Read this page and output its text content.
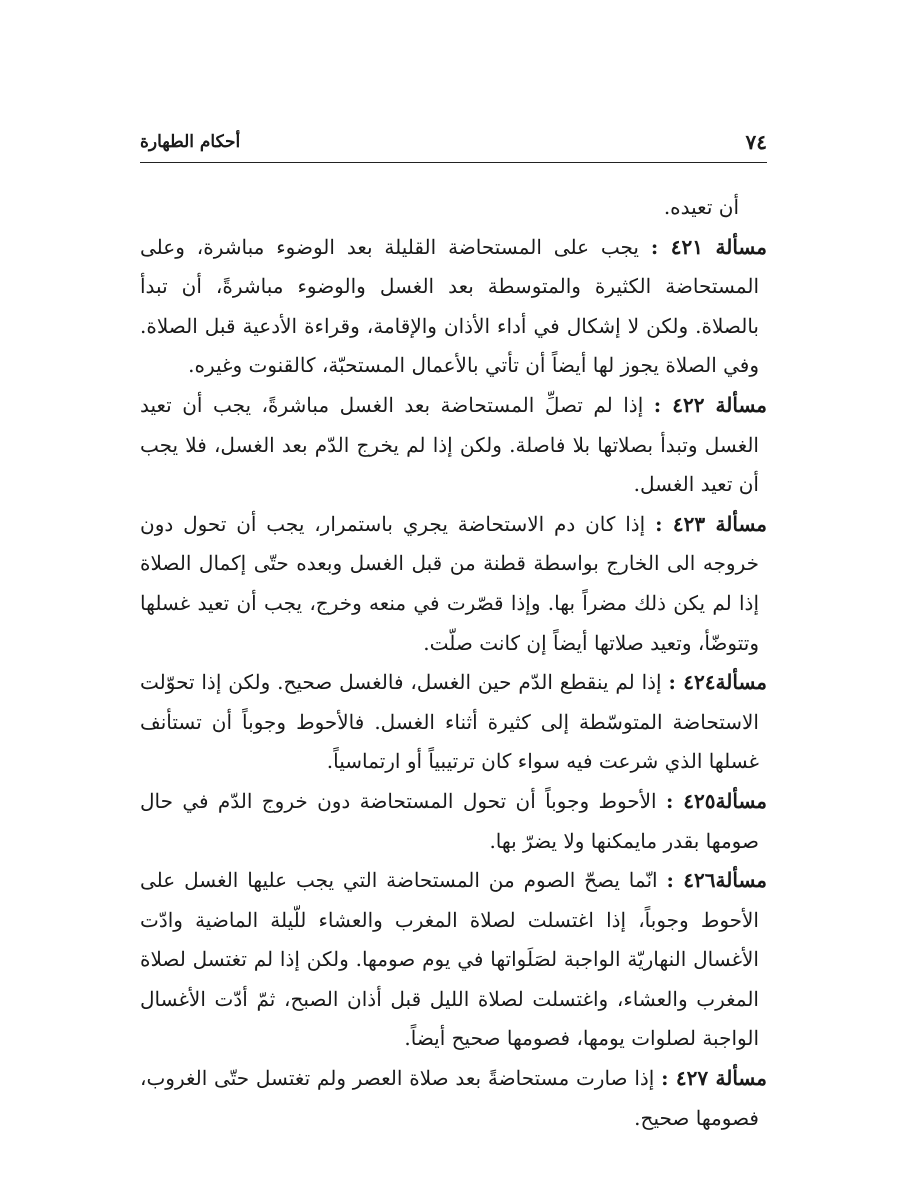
٧٤
أحكام الطهارة

أن تعيده.

مسألة ٤٢١ : يجب على المستحاضة القليلة بعد الوضوء مباشرة، وعلى المستحاضة الكثيرة والمتوسطة بعد الغسل والوضوء مباشرةً، أن تبدأ بالصلاة. ولكن لا إشكال في أداء الأذان والإقامة، وقراءة الأدعية قبل الصلاة. وفي الصلاة يجوز لها أيضاً أن تأتي بالأعمال المستحبّة، كالقنوت وغيره.

مسألة ٤٢٢ : إذا لم تصلِّ المستحاضة بعد الغسل مباشرةً، يجب أن تعيد الغسل وتبدأ بصلاتها بلا فاصلة. ولكن إذا لم يخرج الدّم بعد الغسل، فلا يجب أن تعيد الغسل.

مسألة ٤٢٣ : إذا كان دم الاستحاضة يجري باستمرار، يجب أن تحول دون خروجه الى الخارج بواسطة قطنة من قبل الغسل وبعده حتّى إكمال الصلاة إذا لم يكن ذلك مضراً بها. وإذا قصّرت في منعه وخرج، يجب أن تعيد غسلها وتتوضّأ، وتعيد صلاتها أيضاً إن كانت صلّت.

مسألة٤٢٤ : إذا لم ينقطع الدّم حين الغسل، فالغسل صحيح. ولكن إذا تحوّلت الاستحاضة المتوسّطة إلى كثيرة أثناء الغسل. فالأحوط وجوباً أن تستأنف غسلها الذي شرعت فيه سواء كان ترتيبياً أو ارتماسياً.

مسألة٤٢٥ : الأحوط وجوباً أن تحول المستحاضة دون خروج الدّم في حال صومها بقدر مايمكنها ولا يضرّ بها.

مسألة٤٢٦ : انّما يصحّ الصوم من المستحاضة التي يجب عليها الغسل على الأحوط وجوباً، إذا اغتسلت لصلاة المغرب والعشاء للّيلة الماضية وادّت الأغسال النهاريّة الواجبة لصَلَواتها في يوم صومها. ولكن إذا لم تغتسل لصلاة المغرب والعشاء، واغتسلت لصلاة الليل قبل أذان الصبح، ثمّ أدّت الأغسال الواجبة لصلوات يومها، فصومها صحيح أيضاً.

مسألة ٤٢٧ : إذا صارت مستحاضةً بعد صلاة العصر ولم تغتسل حتّى الغروب، فصومها صحيح.
